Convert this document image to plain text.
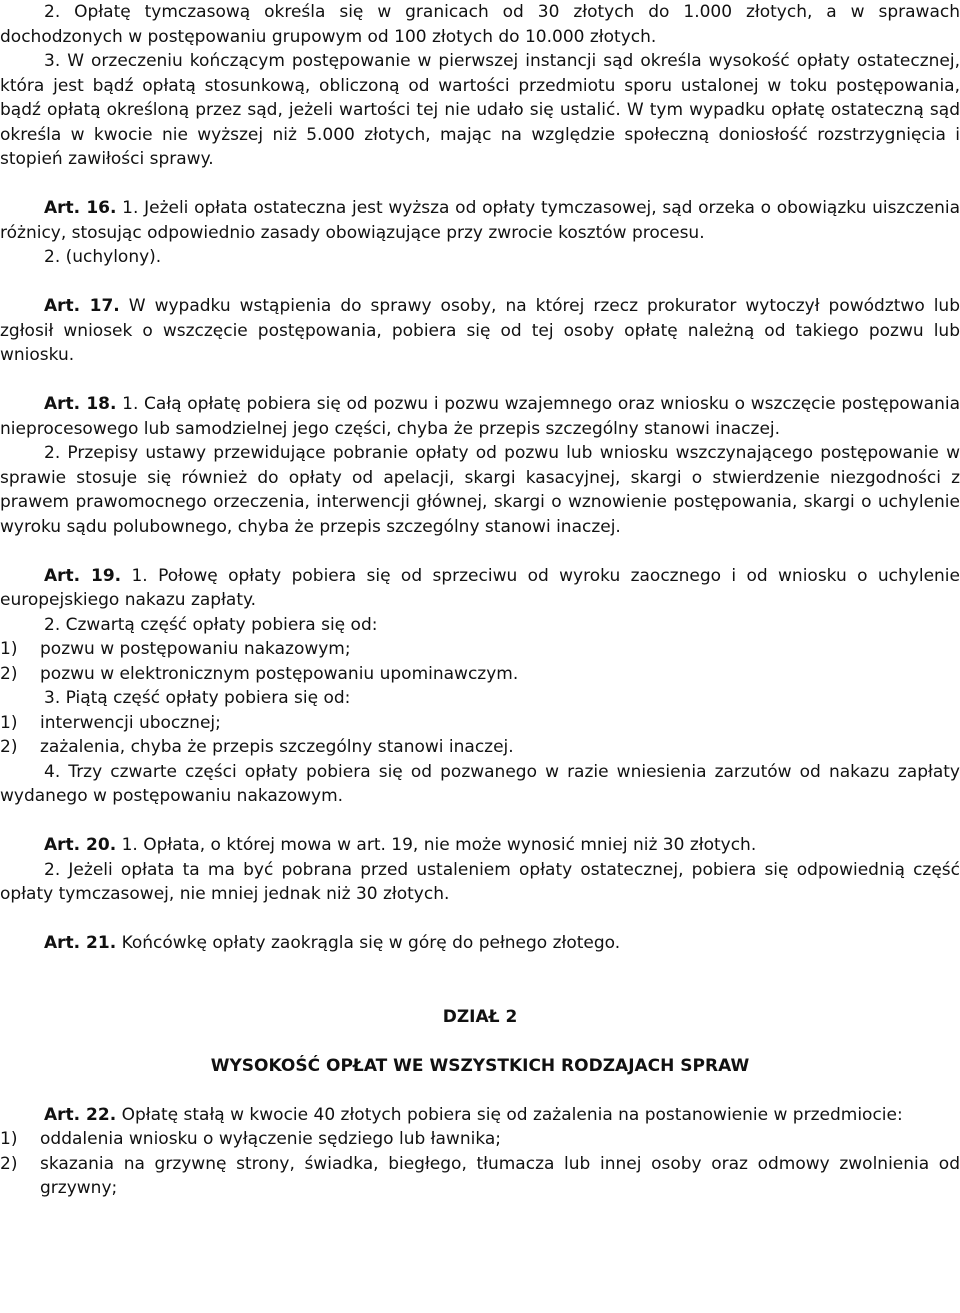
2. Opłatę tymczasową określa się w granicach od 30 złotych do 1.000 złotych, a w sprawach dochodzonych w postępowaniu grupowym od 100 złotych do 10.000 złotych.

3. W orzeczeniu kończącym postępowanie w pierwszej instancji sąd określa wysokość opłaty ostatecznej, która jest bądź opłatą stosunkową, obliczoną od wartości przedmiotu sporu ustalonej w toku postępowania, bądź opłatą określoną przez sąd, jeżeli wartości tej nie udało się ustalić. W tym wypadku opłatę ostateczną sąd określa w kwocie nie wyższej niż 5.000 złotych, mając na względzie społeczną doniosłość rozstrzygnięcia i stopień zawiłości sprawy.

Art. 16. 1. Jeżeli opłata ostateczna jest wyższa od opłaty tymczasowej, sąd orzeka o obowiązku uiszczenia różnicy, stosując odpowiednio zasady obowiązujące przy zwrocie kosztów procesu.

2. (uchylony).

Art. 17. W wypadku wstąpienia do sprawy osoby, na której rzecz prokurator wytoczył powództwo lub zgłosił wniosek o wszczęcie postępowania, pobiera się od tej osoby opłatę należną od takiego pozwu lub wniosku.

Art. 18. 1. Całą opłatę pobiera się od pozwu i pozwu wzajemnego oraz wniosku o wszczęcie postępowania nieprocesowego lub samodzielnej jego części, chyba że przepis szczególny stanowi inaczej.

2. Przepisy ustawy przewidujące pobranie opłaty od pozwu lub wniosku wszczynającego postępowanie w sprawie stosuje się również do opłaty od apelacji, skargi kasacyjnej, skargi o stwierdzenie niezgodności z prawem prawomocnego orzeczenia, interwencji głównej, skargi o wznowienie postępowania, skargi o uchylenie wyroku sądu polubownego, chyba że przepis szczególny stanowi inaczej.

Art. 19. 1. Połowę opłaty pobiera się od sprzeciwu od wyroku zaocznego i od wniosku o uchylenie europejskiego nakazu zapłaty.

2. Czwartą część opłaty pobiera się od:

1) pozwu w postępowaniu nakazowym;

2) pozwu w elektronicznym postępowaniu upominawczym.

3. Piątą część opłaty pobiera się od:

1) interwencji ubocznej;

2) zażalenia, chyba że przepis szczególny stanowi inaczej.

4. Trzy czwarte części opłaty pobiera się od pozwanego w razie wniesienia zarzutów od nakazu zapłaty wydanego w postępowaniu nakazowym.

Art. 20. 1. Opłata, o której mowa w art. 19, nie może wynosić mniej niż 30 złotych.

2. Jeżeli opłata ta ma być pobrana przed ustaleniem opłaty ostatecznej, pobiera się odpowiednią część opłaty tymczasowej, nie mniej jednak niż 30 złotych.

Art. 21. Końcówkę opłaty zaokrągla się w górę do pełnego złotego.

DZIAŁ 2

WYSOKOŚĆ OPŁAT WE WSZYSTKICH RODZAJACH SPRAW

Art. 22. Opłatę stałą w kwocie 40 złotych pobiera się od zażalenia na postanowienie w przedmiocie:

1) oddalenia wniosku o wyłączenie sędziego lub ławnika;

2) skazania na grzywnę strony, świadka, biegłego, tłumacza lub innej osoby oraz odmowy zwolnienia od grzywny;
